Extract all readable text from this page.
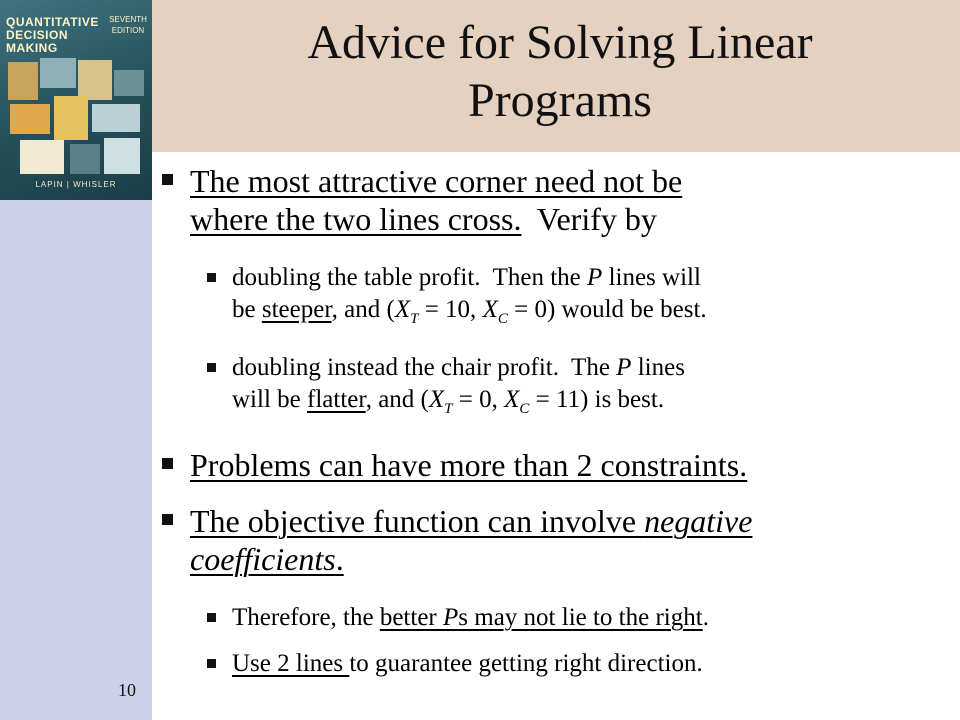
QUANTITATIVE
DECISION MAKING
SEVENTH
EDITION
LAPIN | WHISLER
Advice for Solving Linear
Programs
The most attractive corner need not be
where the two lines cross.  Verify by
doubling the table profit.  Then the P lines will
be steeper, and ($X_T = 10$, $X_C = 0$) would be best.
doubling instead the chair profit.  The P lines
will be flatter, and ($X_T = 0$, $X_C = 11$) is best.
Problems can have more than 2 constraints.
The objective function can involve negative
coefficients.
Therefore, the better Ps may not lie to the right.
Use 2 lines to guarantee getting right direction.
10
